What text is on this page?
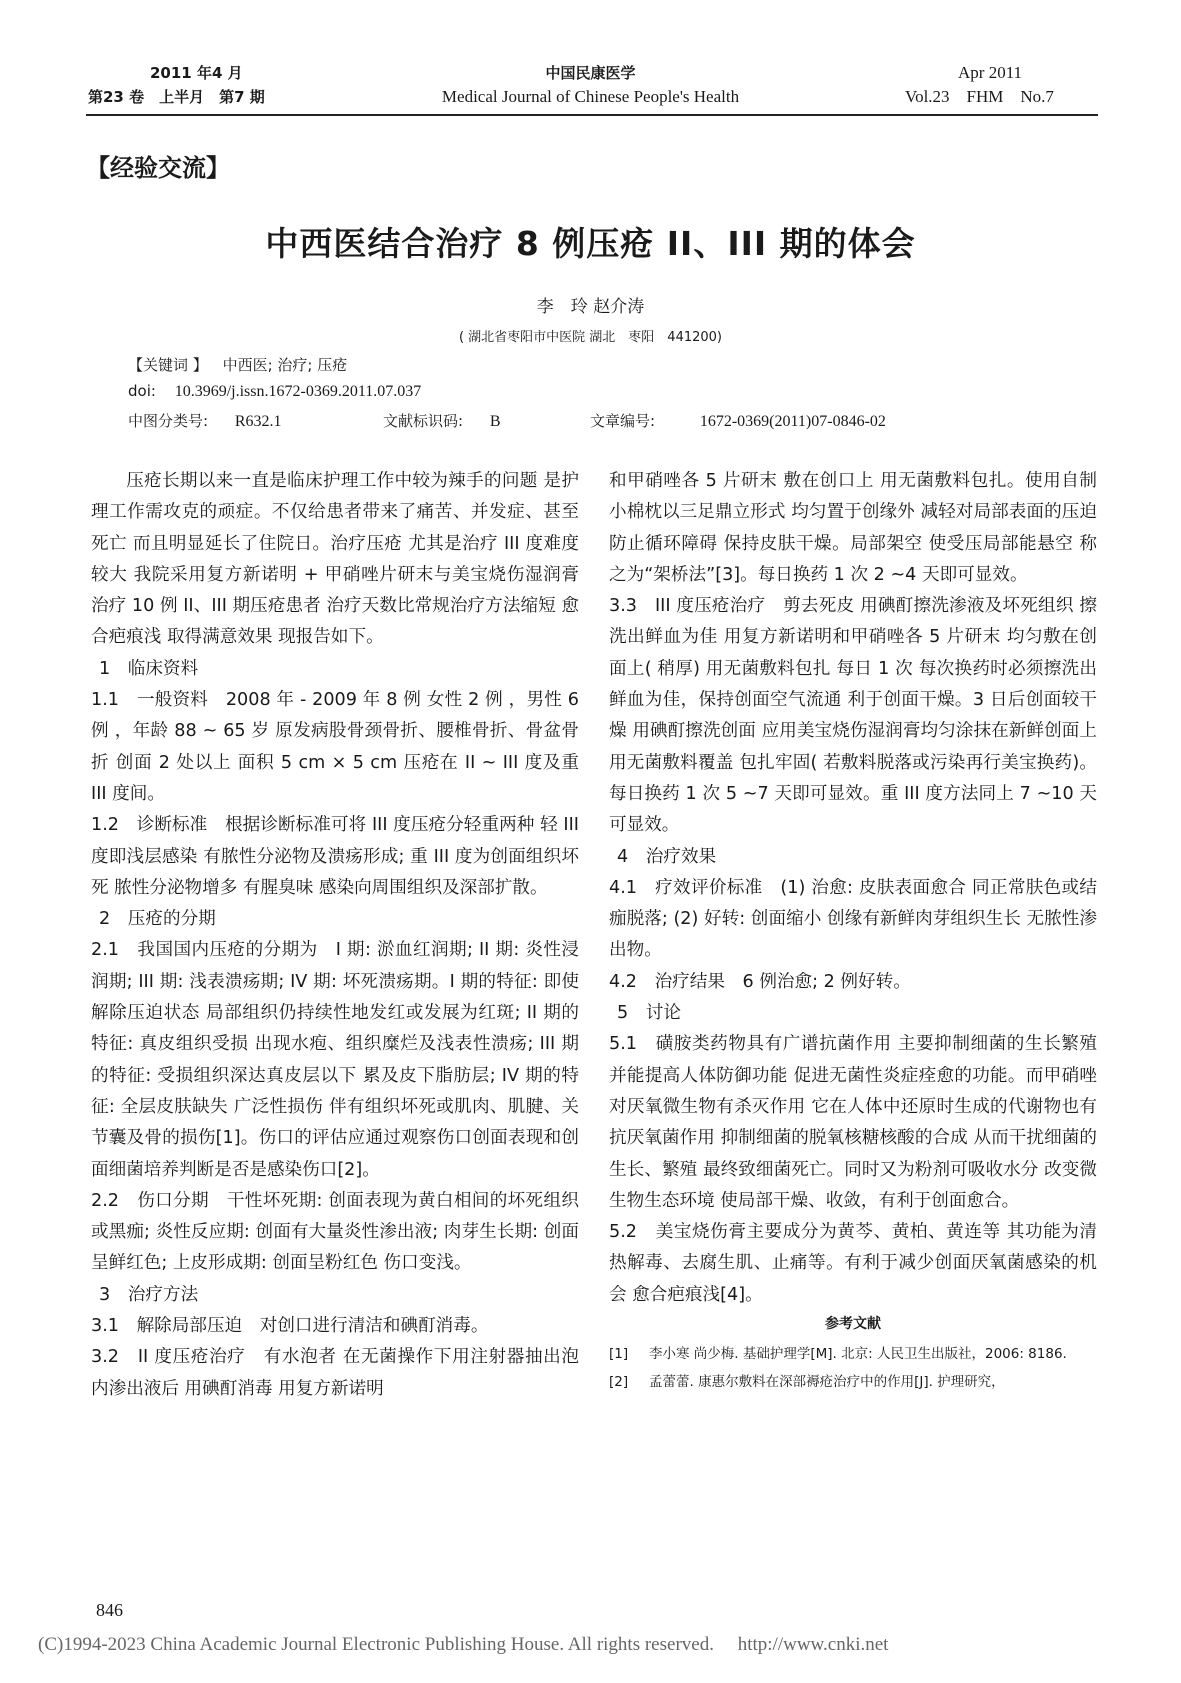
2011 年4 月
第23 卷　上半月　第7 期
中国民康医学
Medical Journal of Chinese People's Health
Apr 2011
Vol.23　FHM　No.7
【经验交流】
中西医结合治疗 8 例压疮 II、III 期的体会
李　玲 赵介涛
( 湖北省枣阳市中医院 湖北　枣阳　441200)
【关键词 】 中西医; 治疗; 压疮
doi: 10.3969/j.issn.1672-0369.2011.07.037
中图分类号: R632.1	文献标识码: B	文章编号:	1672-0369(2011)07-0846-02

压疮长期以来一直是临床护理工作中较为辣手的问题 是护理工作需攻克的顽症。不仅给患者带来了痛苦、并发症、甚至死亡 而且明显延长了住院日。治疗压疮 尤其是治疗 III 度难度较大 我院采用复方新诺明 + 甲硝唑片研末与美宝烧伤湿润膏治疗 10 例 II、III 期压疮患者 治疗天数比常规治疗方法缩短 愈合疤痕浅 取得满意效果 现报告如下。

1　临床资料

1.1　一般资料　2008 年 - 2009 年 8 例 女性 2 例 ，男性 6 例 ，年龄 88 ~ 65 岁 原发病股骨颈骨折、腰椎骨折、骨盆骨折 创面 2 处以上 面积 5 cm × 5 cm 压疮在 II ~ III 度及重 III 度间。

1.2　诊断标准　根据诊断标准可将 III 度压疮分轻重两种 轻 III 度即浅层感染 有脓性分泌物及溃疡形成; 重 III 度为创面组织坏死 脓性分泌物增多 有腥臭味 感染向周围组织及深部扩散。

2　压疮的分期

2.1　我国国内压疮的分期为　I 期: 淤血红润期; II 期: 炎性浸润期; III 期: 浅表溃疡期; IV 期: 坏死溃疡期。I 期的特征: 即使解除压迫状态 局部组织仍持续性地发红或发展为红斑; II 期的特征: 真皮组织受损 出现水疱、组织糜烂及浅表性溃疡; III 期的特征: 受损组织深达真皮层以下 累及皮下脂肪层; IV 期的特征: 全层皮肤缺失 广泛性损伤 伴有组织坏死或肌肉、肌腱、关节囊及骨的损伤[1]。伤口的评估应通过观察伤口创面表现和创面细菌培养判断是否是感染伤口[2]。

2.2　伤口分期　干性坏死期: 创面表现为黄白相间的坏死组织或黑痂; 炎性反应期: 创面有大量炎性渗出液; 肉芽生长期: 创面呈鲜红色; 上皮形成期: 创面呈粉红色 伤口变浅。

3　治疗方法

3.1　解除局部压迫　对创口进行清洁和碘酊消毒。

3.2　II 度压疮治疗　有水泡者 在无菌操作下用注射器抽出泡内渗出液后 用碘酊消毒 用复方新诺明

和甲硝唑各 5 片研末 敷在创口上 用无菌敷料包扎。使用自制小棉枕以三足鼎立形式 均匀置于创缘外 减轻对局部表面的压迫 防止循环障碍 保持皮肤干燥。局部架空 使受压局部能悬空 称之为“架桥法”[3]。每日换药 1 次 2 ~4 天即可显效。

3.3　III 度压疮治疗　剪去死皮 用碘酊擦洗渗液及坏死组织 擦洗出鲜血为佳 用复方新诺明和甲硝唑各 5 片研末 均匀敷在创面上( 稍厚) 用无菌敷料包扎 每日 1 次 每次换药时必须擦洗出鲜血为佳，保持创面空气流通 利于创面干燥。3 日后创面较干燥 用碘酊擦洗创面 应用美宝烧伤湿润膏均匀涂抹在新鲜创面上 用无菌敷料覆盖 包扎牢固( 若敷料脱落或污染再行美宝换药)。每日换药 1 次 5 ~7 天即可显效。重 III 度方法同上 7 ~10 天可显效。

4　治疗效果

4.1　疗效评价标准　(1) 治愈: 皮肤表面愈合 同正常肤色或结痂脱落; (2) 好转: 创面缩小 创缘有新鲜肉芽组织生长 无脓性渗出物。

4.2　治疗结果　6 例治愈; 2 例好转。

5　讨论

5.1　磺胺类药物具有广谱抗菌作用 主要抑制细菌的生长繁殖 并能提高人体防御功能 促进无菌性炎症痊愈的功能。而甲硝唑对厌氧微生物有杀灭作用 它在人体中还原时生成的代谢物也有抗厌氧菌作用 抑制细菌的脱氧核糖核酸的合成 从而干扰细菌的生长、繁殖 最终致细菌死亡。同时又为粉剂可吸收水分 改变微生物生态环境 使局部干燥、收敛，有利于创面愈合。

5.2　美宝烧伤膏主要成分为黄芩、黄柏、黄连等 其功能为清热解毒、去腐生肌、止痛等。有利于减少创面厌氧菌感染的机会 愈合疤痕浅[4]。

参考文献
[1]	李小寒 尚少梅. 基础护理学[M]. 北京: 人民卫生出版社，2006: 8186.
[2]	孟蕾蕾. 康惠尔敷料在深部褥疮治疗中的作用[J]. 护理研究，
846
(C)1994-2023 China Academic Journal Electronic Publishing House. All rights reserved.　 http://www.cnki.net
